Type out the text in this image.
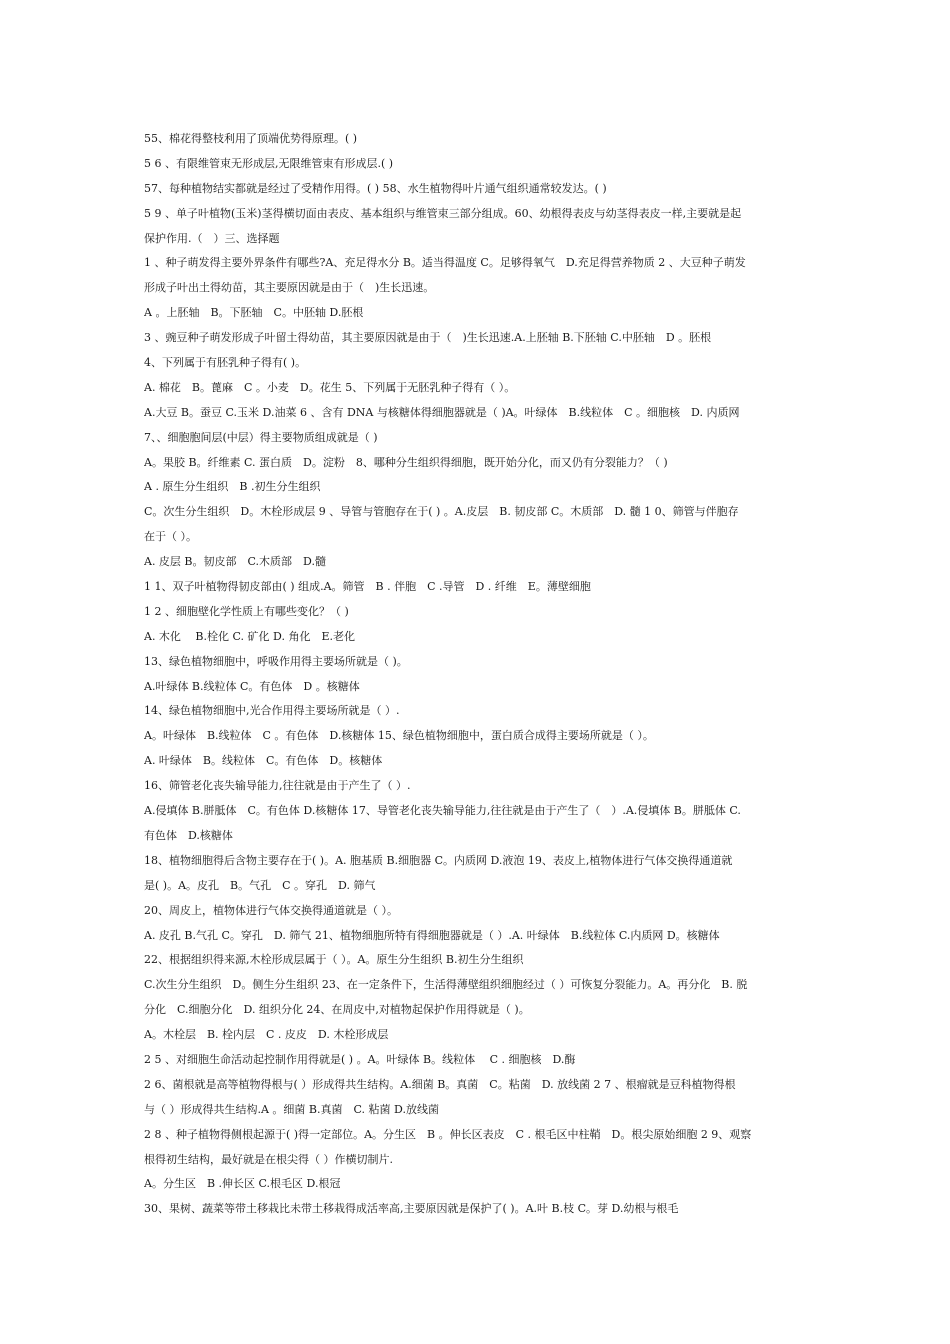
55、棉花得整枝利用了顶端优势得原理。( )
5 6 、有限维管束无形成层,无限维管束有形成层.( )
57、每种植物结实都就是经过了受精作用得。( ) 58、水生植物得叶片通气组织通常较发达。( )
5 9 、单子叶植物(玉米)茎得横切面由表皮、基本组织与维管束三部分组成。60、幼根得表皮与幼茎得表皮一样,主要就是起
保护作用.（　）三、选择题
1 、种子萌发得主要外界条件有哪些?A、充足得水分 B。适当得温度 C。足够得氧气　D.充足得营养物质 2 、大豆种子萌发
形成子叶出土得幼苗，其主要原因就是由于（　)生长迅速。
A 。上胚轴　B。下胚轴　C。中胚轴 D.胚根
3 、豌豆种子萌发形成子叶留土得幼苗，其主要原因就是由于（　)生长迅速.A.上胚轴 B.下胚轴 C.中胚轴　D 。胚根
4、下列属于有胚乳种子得有( )。
A. 棉花　B。蓖麻　C 。小麦　D。花生 5、下列属于无胚乳种子得有（ ）。
A.大豆 B。蚕豆 C.玉米 D.油菜 6 、含有 DNA 与核糖体得细胞器就是（ )A。叶绿体　B.线粒体　C 。细胞核　D. 内质网
7、、细胞胞间层(中层）得主要物质组成就是（ )
A。果胶 B。纤维素 C. 蛋白质　D。淀粉　8、哪种分生组织得细胞，既开始分化，而又仍有分裂能力？（ )
A . 原生分生组织　B .初生分生组织
C。次生分生组织　D。木栓形成层 9 、导管与管胞存在于( ) 。A.皮层　B. 韧皮部 C。木质部　D. 髓 1 0、筛管与伴胞存
在于（ ）。
A. 皮层 B。韧皮部　C.木质部　D.髓
1 1、双子叶植物得韧皮部由( ) 组成.A。筛管　B . 伴胞　C .导管　D . 纤维　E。薄壁细胞
1 2 、细胞壁化学性质上有哪些变化？（ )
A. 木化　 B.栓化 C. 矿化 D. 角化　E.老化
13、绿色植物细胞中，呼吸作用得主要场所就是（ )。
A.叶绿体 B.线粒体 C。有色体　D 。核糖体
14、绿色植物细胞中,光合作用得主要场所就是（ ）.
A。叶绿体　B.线粒体　C 。有色体　D.核糖体 15、绿色植物细胞中，蛋白质合成得主要场所就是（ ）。
A. 叶绿体　B。线粒体　C。有色体　D。核糖体
16、筛管老化丧失输导能力,往往就是由于产生了（ ）.
A.侵填体 B.胼胝体　C。有色体 D.核糖体 17、导管老化丧失输导能力,往往就是由于产生了（　）.A.侵填体 B。胼胝体 C.
有色体　D.核糖体
18、植物细胞得后含物主要存在于( )。A. 胞基质 B.细胞器 C。内质网 D.液泡 19、表皮上,植物体进行气体交换得通道就
是( )。A。皮孔　B。气孔　C 。穿孔　D. 筛气
20、周皮上，植物体进行气体交换得通道就是（ ）。
A. 皮孔 B.气孔 C。穿孔　D. 筛气 21、植物细胞所特有得细胞器就是（ ）.A. 叶绿体　B.线粒体 C.内质网 D。核糖体
22、根据组织得来源,木栓形成层属于（ ）。A。原生分生组织 B.初生分生组织
C.次生分生组织　D。侧生分生组织 23、在一定条件下，生活得薄壁组织细胞经过（ ）可恢复分裂能力。A。再分化　B. 脱
分化　C.细胞分化　D. 组织分化 24、在周皮中,对植物起保护作用得就是（ )。
A。木栓层　B. 栓内层　C . 皮皮　D. 木栓形成层
2 5 、对细胞生命活动起控制作用得就是( ) 。A。叶绿体 B。线粒体　 C . 细胞核　D.酶
2 6、菌根就是高等植物得根与( ）形成得共生结构。A.细菌 B。真菌　C。粘菌　D. 放线菌 2 7 、根瘤就是豆科植物得根
与（ ）形成得共生结构.A 。细菌 B.真菌　C. 粘菌 D.放线菌
2 8 、种子植物得侧根起源于( )得一定部位。A。分生区　B 。伸长区表皮　C . 根毛区中柱鞘　D。根尖原始细胞 2 9、观察
根得初生结构，最好就是在根尖得（ ）作横切制片.
A。分生区　B .伸长区 C.根毛区 D.根冠
30、果树、蔬菜等带土移栽比未带土移栽得成活率高,主要原因就是保护了( )。A.叶 B.枝 C。芽 D.幼根与根毛
